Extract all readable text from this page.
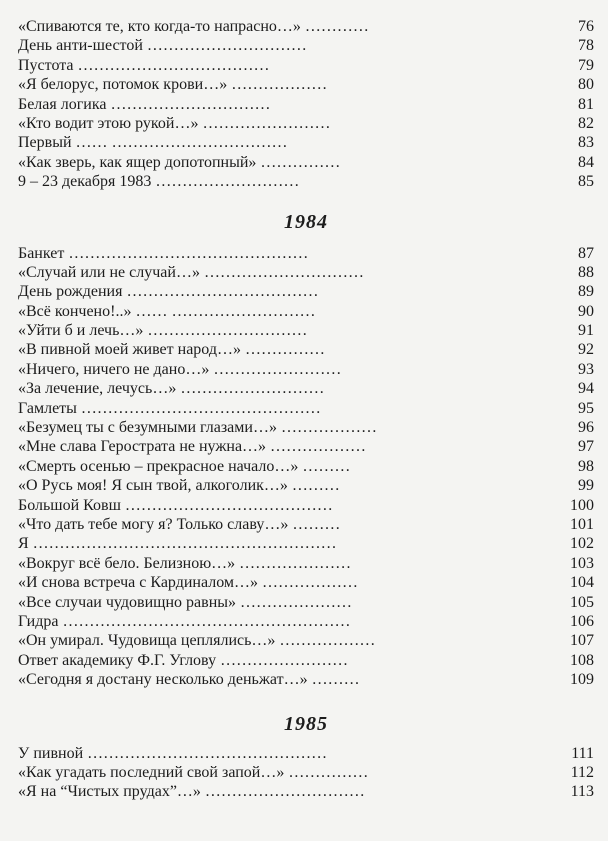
«Спиваются те, кто когда-то напрасно…» …………	76
День анти-шестой …………………………	78
Пустота ………………………………	79
«Я белорус, потомок крови…» ………………	80
Белая логика …………………………	81
«Кто водит этою рукой…» ……………………	82
Первый …… ……………………………	83
«Как зверь, как ящер допотопный» ……………	84
9 – 23 декабря 1983 ………………………	85
1984
Банкет ………………………………………	87
«Случай или не случай…» …………………………	88
День рождения ………………………………	89
«Всё кончено!..» …… ………………………	90
«Уйти б и лечь…» …………………………	91
«В пивной моей живет народ…» ……………	92
«Ничего, ничего не дано…» ……………………	93
«За лечение, лечусь…» ………………………	94
Гамлеты ………………………………………	95
«Безумец ты с безумными глазами…» ………………	96
«Мне слава Герострата не нужна…» ………………	97
«Смерть осенью – прекрасное начало…» ………	98
«О Русь моя! Я сын твой, алкоголик…» ………	99
Большой Ковш …………………………………	100
«Что дать тебе могу я? Только славу…» ………	101
Я …………………………………………………	102
«Вокруг всё бело. Белизною…» …………………	103
«И снова встреча с Кардиналом…» ………………	104
«Все случаи чудовищно равны» …………………	105
Гидра ………………………………………………	106
«Он умирал. Чудовища цеплялись…» ………………	107
Ответ академику Ф.Г. Углову ……………………	108
«Сегодня я достану несколько деньжат…» ………	109
1985
У пивной ………………………………………	111
«Как угадать последний свой запой…» ……………	112
«Я на “Чистых прудах”…» …………………………	113
